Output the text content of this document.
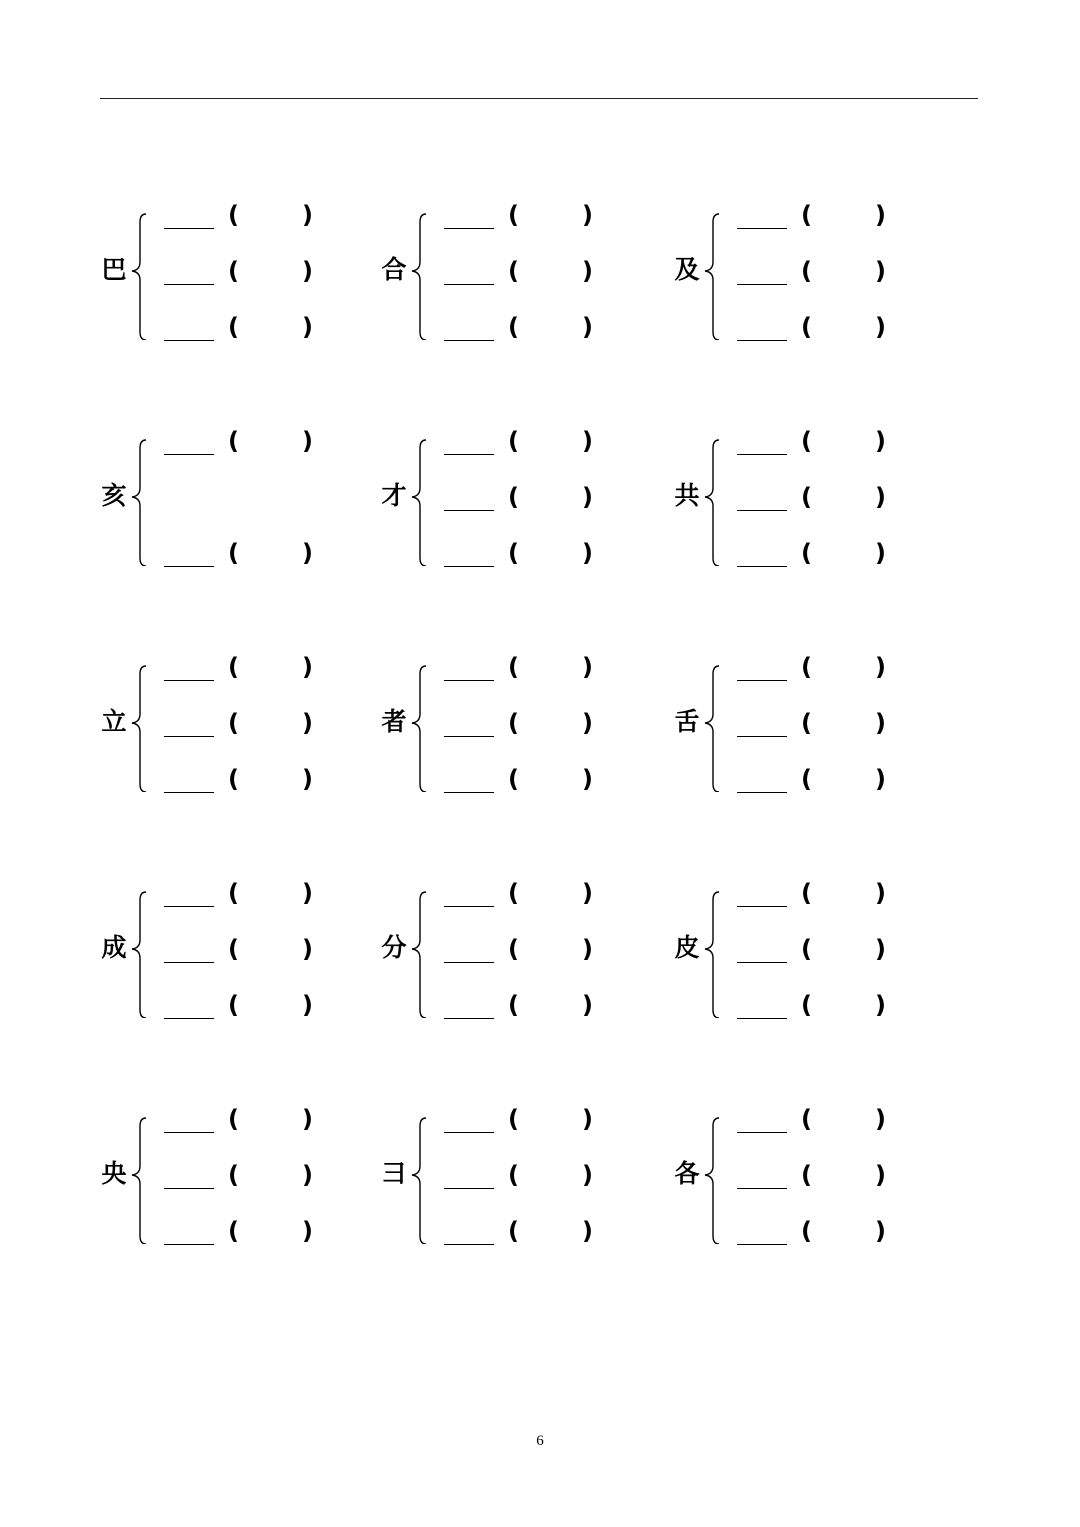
巴
(	)
(	)
(	)
合
(	)
(	)
(	)
及
(	)
(	)
(	)
亥
(	)
(	)
才
(	)
(	)
(	)
共
(	)
(	)
(	)
立
(	)
(	)
(	)
者
(	)
(	)
(	)
舌
(	)
(	)
(	)
成
(	)
(	)
(	)
分
(	)
(	)
(	)
皮
(	)
(	)
(	)
央
(	)
(	)
(	)
彐
(	)
(	)
(	)
各
(	)
(	)
(	)
6
